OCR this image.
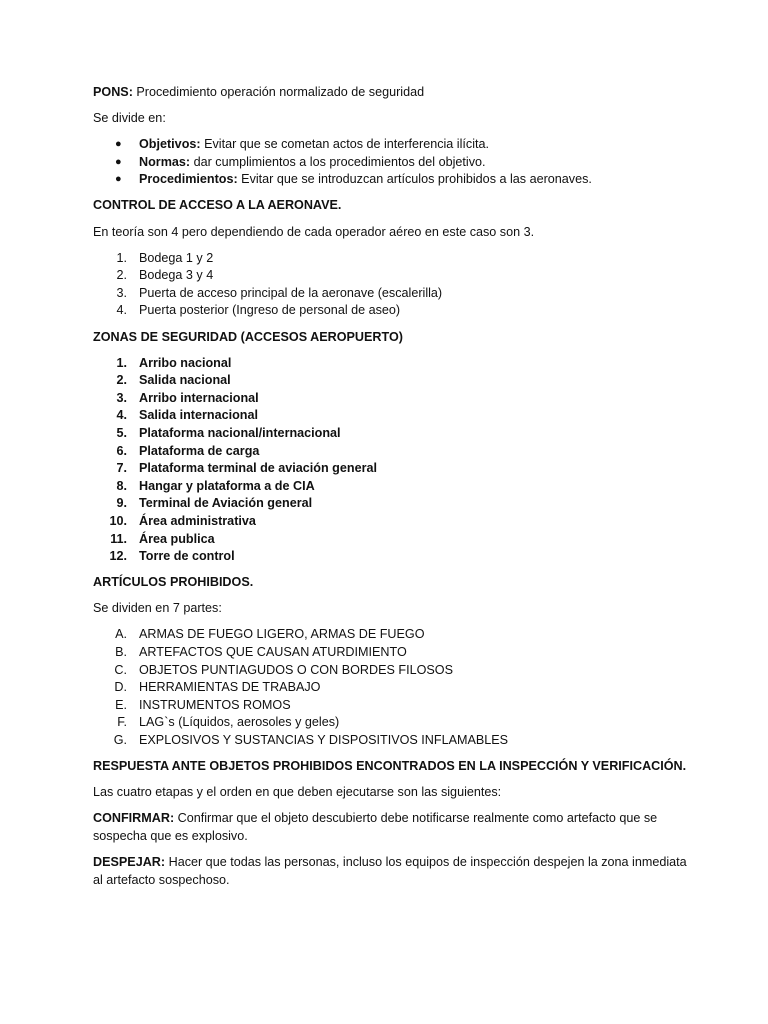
PONS: Procedimiento operación normalizado de seguridad

Se divide en:

● Objetivos: Evitar que se cometan actos de interferencia ilícita.
● Normas: dar cumplimientos a los procedimientos del objetivo.
● Procedimientos: Evitar que se introduzcan artículos prohibidos a las aeronaves.

CONTROL DE ACCESO A LA AERONAVE.

En teoría son 4 pero dependiendo de cada operador aéreo en este caso son 3.

1. Bodega 1 y 2
2. Bodega 3 y 4
3. Puerta de acceso principal de la aeronave (escalerilla)
4. Puerta posterior (Ingreso de personal de aseo)

ZONAS DE SEGURIDAD (ACCESOS AEROPUERTO)

1. Arribo nacional
2. Salida nacional
3. Arribo internacional
4. Salida internacional
5. Plataforma nacional/internacional
6. Plataforma de carga
7. Plataforma terminal de aviación general
8. Hangar y plataforma a de CIA
9. Terminal de Aviación general
10. Área administrativa
11. Área publica
12. Torre de control

ARTÍCULOS PROHIBIDOS.

Se dividen en 7 partes:

A. ARMAS DE FUEGO LIGERO, ARMAS DE FUEGO
B. ARTEFACTOS QUE CAUSAN ATURDIMIENTO
C. OBJETOS PUNTIAGUDOS O CON BORDES FILOSOS
D. HERRAMIENTAS DE TRABAJO
E. INSTRUMENTOS ROMOS
F. LAG`s (Líquidos, aerosoles y geles)
G. EXPLOSIVOS Y SUSTANCIAS Y DISPOSITIVOS INFLAMABLES

RESPUESTA ANTE OBJETOS PROHIBIDOS ENCONTRADOS EN LA INSPECCIÓN Y VERIFICACIÓN.

Las cuatro etapas y el orden en que deben ejecutarse son las siguientes:

CONFIRMAR: Confirmar que el objeto descubierto debe notificarse realmente como artefacto que se sospecha que es explosivo.

DESPEJAR: Hacer que todas las personas, incluso los equipos de inspección despejen la zona inmediata al artefacto sospechoso.
